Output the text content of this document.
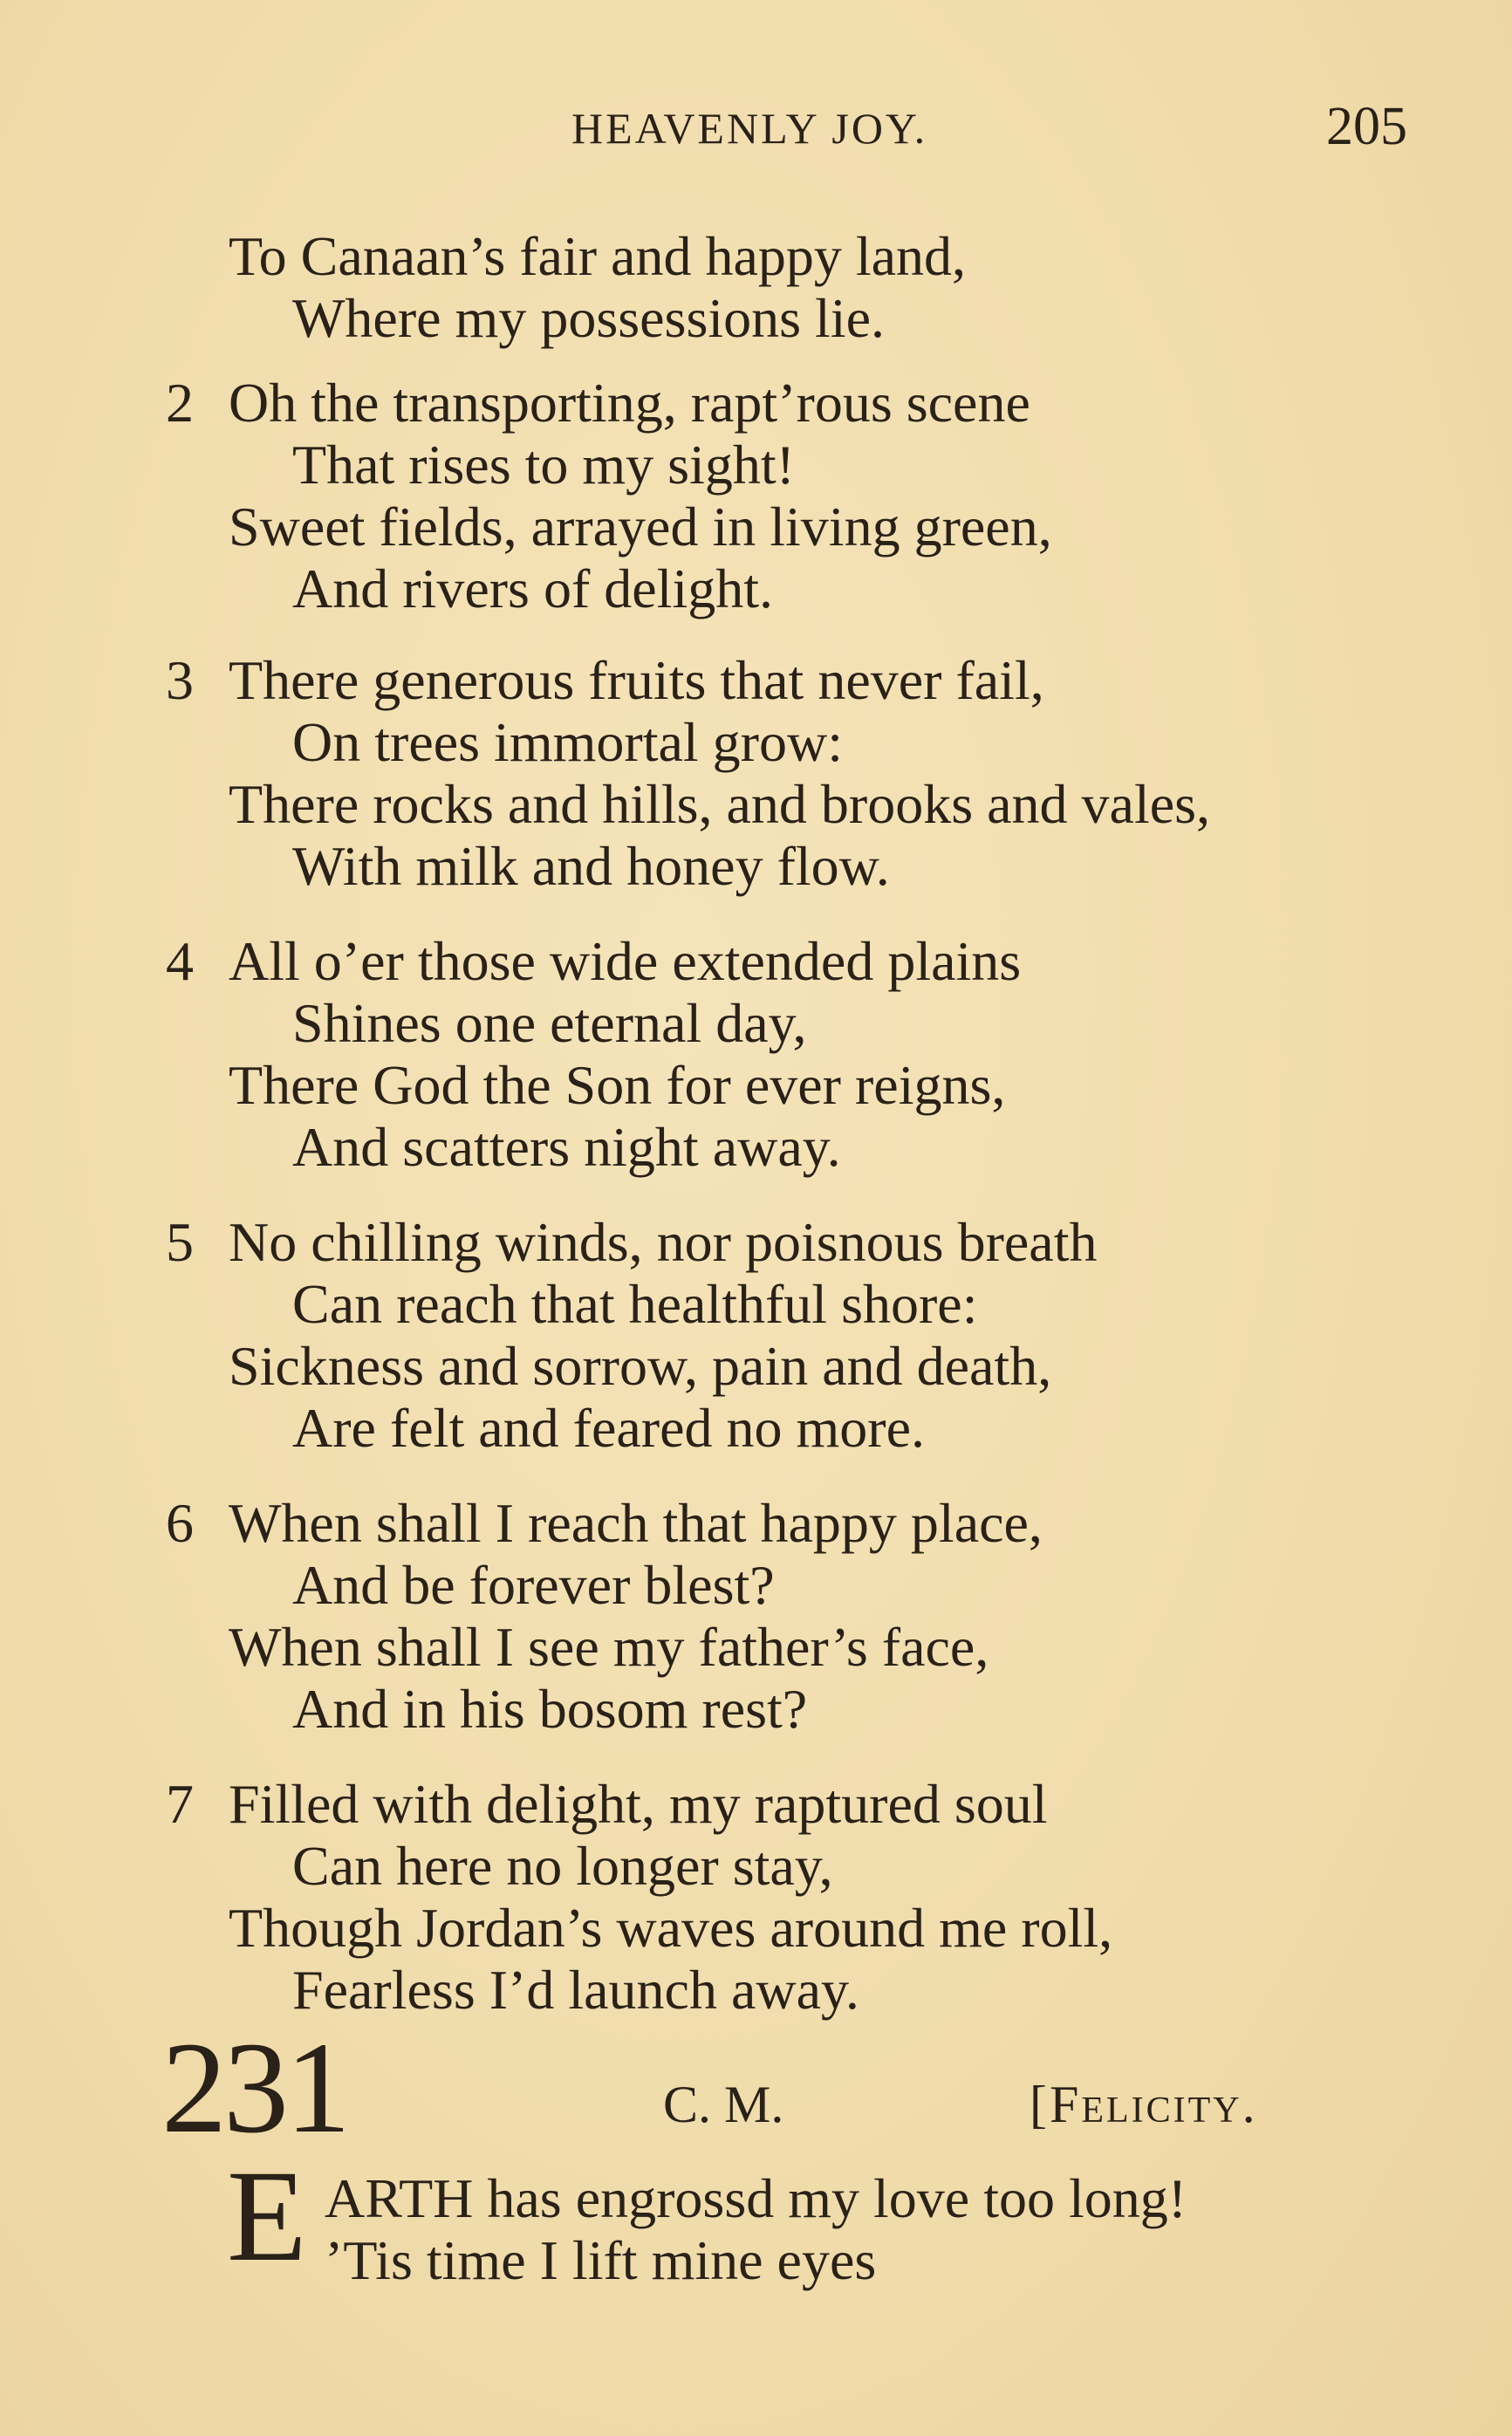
HEAVENLY JOY.	205
To Canaan’s fair and happy land,
Where my possessions lie.
2 Oh the transporting, rapt’rous scene
That rises to my sight!
Sweet fields, arrayed in living green,
And rivers of delight.
3 There generous fruits that never fail,
On trees immortal grow:
There rocks and hills, and brooks and vales,
With milk and honey flow.
4 All o’er those wide extended plains
Shines one eternal day,
There God the Son for ever reigns,
And scatters night away.
5 No chilling winds, nor poisnous breath
Can reach that healthful shore:
Sickness and sorrow, pain and death,
Are felt and feared no more.
6 When shall I reach that happy place,
And be forever blest?
When shall I see my father’s face,
And in his bosom rest?
7 Filled with delight, my raptured soul
Can here no longer stay,
Though Jordan’s waves around me roll,
Fearless I’d launch away.
231	C. M.	[Felicity.
E ARTH has engrossd my love too long!
’Tis time I lift mine eyes
